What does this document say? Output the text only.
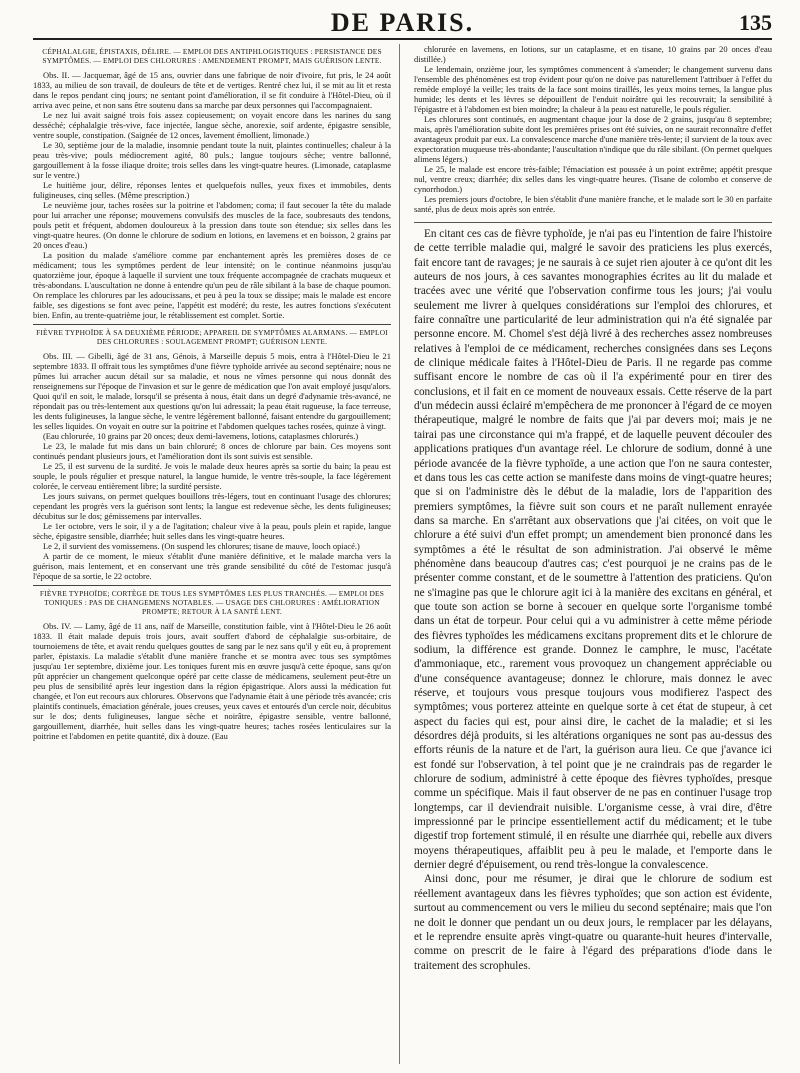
DE PARIS.	135
CÉPHALALGIE, ÉPISTAXIS, DÉLIRE. — EMPLOI DES ANTIPHLOGISTIQUES : PERSISTANCE DES SYMPTÔMES. — EMPLOI DES CHLORURES : AMENDEMENT PROMPT, MAIS GUÉRISON LENTE.

Obs. II. — Jacquemar, âgé de 15 ans, ouvrier dans une fabrique de noir d'ivoire, fut pris, le 24 août 1833, au milieu de son travail, de douleurs de tête et de vertiges. Rentré chez lui, il se mit au lit et resta dans le repos pendant cinq jours; ne sentant point d'amélioration, il se fit conduire à l'Hôtel-Dieu, où il arriva avec peine, et non sans être soutenu dans sa marche par deux personnes qui l'accompagnaient.

Le nez lui avait saigné trois fois assez copieusement; on voyait encore dans les narines du sang desséché; céphalalgie très-vive, face injectée, langue sèche, anorexie, soif ardente, épigastre sensible, ventre souple, constipation. (Saignée de 12 onces, lavement émollient, limonade.)

Le 30, septième jour de la maladie, insomnie pendant toute la nuit, plaintes continuelles; chaleur à la peau très-vive; pouls médiocrement agité, 80 puls.; langue toujours sèche; ventre ballonné, gargouillement à la fosse iliaque droite; trois selles dans les vingt-quatre heures. (Limonade, cataplasme sur le ventre.)

Le huitième jour, délire, réponses lentes et quelquefois nulles, yeux fixes et immobiles, dents fuligineuses, cinq selles. (Même prescription.)

Le neuvième jour, taches rosées sur la poitrine et l'abdomen; coma; il faut secouer la tête du malade pour lui arracher une réponse; mouvemens convulsifs des muscles de la face, soubresauts des tendons, pouls petit et fréquent, abdomen douloureux à la pression dans toute son étendue; six selles dans les vingt-quatre heures. (On donne le chlorure de sodium en lotions, en lavemens et en boisson, 2 grains par 20 onces d'eau.)

La position du malade s'améliore comme par enchantement après les premières doses de ce médicament; tous les symptômes perdent de leur intensité; on le continue néanmoins jusqu'au quatorzième jour, époque à laquelle il survient une toux fréquente accompagnée de crachats muqueux et très-abondans. L'auscultation ne donne à entendre qu'un peu de râle sibilant à la base de chaque poumon. On remplace les chlorures par les adoucissans, et peu à peu la toux se dissipe; mais le malade est encore faible, ses digestions se font avec peine, l'appétit est modéré; du reste, les autres fonctions s'exécutent bien. Enfin, au trente-quatrième jour, le rétablissement est complet. Sortie.

FIÈVRE TYPHOÏDE À SA DEUXIÈME PÉRIODE; APPAREIL DE SYMPTÔMES ALARMANS. — EMPLOI DES CHLORURES : SOULAGEMENT PROMPT; GUÉRISON LENTE.

Obs. III. — Gibelli, âgé de 31 ans, Génois, à Marseille depuis 5 mois, entra à l'Hôtel-Dieu le 21 septembre 1833. Il offrait tous les symptômes d'une fièvre typhoïde arrivée au second septénaire; nous ne pûmes lui arracher aucun détail sur sa maladie, et nous ne vîmes personne qui nous donnât des renseignemens sur l'époque de l'invasion et sur le genre de médication que l'on avait employé jusqu'alors. Quoi qu'il en soit, le malade, lorsqu'il se présenta à nous, était dans un degré d'adynamie très-avancé, ne répondait pas ou très-lentement aux questions qu'on lui adressait; la peau était rugueuse, la face terreuse, les dents fuligineuses, la langue sèche, le ventre légèrement ballonné, faisant entendre du gargouillement; les selles liquides. On voyait en outre sur la poitrine et l'abdomen quelques taches rosées, quinze à vingt.

(Eau chlorurée, 10 grains par 20 onces; deux demi-lavemens, lotions, cataplasmes chlorurés.)

Le 23, le malade fut mis dans un bain chloruré; 8 onces de chlorure par bain. Ces moyens sont continués pendant plusieurs jours, et l'amélioration dont ils sont suivis est sensible.

Le 25, il est survenu de la surdité. Je vois le malade deux heures après sa sortie du bain; la peau est souple, le pouls régulier et presque naturel, la langue humide, le ventre très-souple, la face légèrement colorée, le cerveau entièrement libre; la surdité persiste.

Les jours suivans, on permet quelques bouillons très-légers, tout en continuant l'usage des chlorures; cependant les progrès vers la guérison sont lents; la langue est redevenue sèche, les dents fuligineuses; décubitus sur le dos; gémissemens par intervalles.

Le 1er octobre, vers le soir, il y a de l'agitation; chaleur vive à la peau, pouls plein et rapide, langue sèche, épigastre sensible, diarrhée; huit selles dans les vingt-quatre heures.

Le 2, il survient des vomissemens. (On suspend les chlorures; tisane de mauve, looch opiacé.)

A partir de ce moment, le mieux s'établit d'une manière définitive, et le malade marcha vers la guérison, mais lentement, et en conservant une très grande sensibilité du côté de l'estomac jusqu'à l'époque de sa sortie, le 22 octobre.

FIÈVRE TYPHOÏDE; CORTÈGE DE TOUS LES SYMPTÔMES LES PLUS TRANCHÉS. — EMPLOI DES TONIQUES : PAS DE CHANGEMENS NOTABLES. — USAGE DES CHLORURES : AMÉLIORATION PROMPTE; RETOUR À LA SANTÉ LENT.

Obs. IV. — Lamy, âgé de 11 ans, naïf de Marseille, constitution faible, vint à l'Hôtel-Dieu le 26 août 1833. Il était malade depuis trois jours, avait souffert d'abord de céphalalgie sus-orbitaire, de tournoiemens de tête, et avait rendu quelques gouttes de sang par le nez sans qu'il y eût eu, à proprement parler, épistaxis. La maladie s'établit d'une manière franche et se montra avec tous ses symptômes jusqu'au 1er septembre, dixième jour. Les toniques furent mis en œuvre jusqu'à cette époque, sans qu'on pût apprécier un changement quelconque opéré par cette classe de médicamens, seulement peut-être un peu plus de sensibilité après leur ingestion dans la région épigastrique. Alors aussi la médication fut changée, et l'on eut recours aux chlorures. Observons que l'adynamie était à une période très avancée; cris plaintifs continuels, émaciation générale, joues creuses, yeux caves et entourés d'un cercle noir, décubitus sur le dos; dents fuligineuses, langue sèche et noirâtre, épigastre sensible, ventre ballonné, gargouillement, diarrhée, huit selles dans les vingt-quatre heures; taches rosées lenticulaires sur la poitrine et l'abdomen en petite quantité, dix à douze. (Eau

chlorurée en lavemens, en lotions, sur un cataplasme, et en tisane, 10 grains par 20 onces d'eau distillée.)

Le lendemain, onzième jour, les symptômes commencent à s'amender; le changement survenu dans l'ensemble des phénomènes est trop évident pour qu'on ne doive pas naturellement l'attribuer à l'effet du remède employé la veille; les traits de la face sont moins tiraillés, les yeux moins ternes, la langue plus humide; les dents et les lèvres se dépouillent de l'enduit noirâtre qui les recouvrait; la sensibilité à l'épigastre et à l'abdomen est bien moindre; la chaleur à la peau est naturelle, le pouls régulier.

Les chlorures sont continués, en augmentant chaque jour la dose de 2 grains, jusqu'au 8 septembre; mais, après l'amélioration subite dont les premières prises ont été suivies, on ne saurait reconnaître d'effet avantageux produit par eux. La convalescence marche d'une manière très-lente; il survient de la toux avec expectoration muqueuse très-abondante; l'auscultation n'indique que du râle sibilant. (On permet quelques alimens légers.)

Le 25, le malade est encore très-faible; l'émaciation est poussée à un point extrême; appétit presque nul, ventre creux; diarrhée; dix selles dans les vingt-quatre heures. (Tisane de colombo et conserve de cynorrhodon.)

Les premiers jours d'octobre, le bien s'établit d'une manière franche, et le malade sort le 30 en parfaite santé, plus de deux mois après son entrée.

En citant ces cas de fièvre typhoïde, je n'ai pas eu l'intention de faire l'histoire de cette terrible maladie qui, malgré le savoir des praticiens les plus exercés, fait encore tant de ravages; je ne saurais à ce sujet rien ajouter à ce qu'ont dit les auteurs de nos jours, à ces savantes monographies écrites au lit du malade et tracées avec une vérité que l'observation confirme tous les jours; j'ai voulu seulement me livrer à quelques considérations sur l'emploi des chlorures, et faire connaître une particularité de leur administration qui n'a été signalée par personne encore. M. Chomel s'est déjà livré à des recherches assez nombreuses relatives à l'emploi de ce médicament, recherches consignées dans ses Leçons de clinique médicale faites à l'Hôtel-Dieu de Paris. Il ne regarde pas comme suffisant encore le nombre de cas où il l'a expérimenté pour en tirer des conclusions, et il fait en ce moment de nouveaux essais. Cette réserve de la part d'un médecin aussi éclairé m'empêchera de me prononcer à l'égard de ce moyen thérapeutique, malgré le nombre de faits que j'ai par devers moi; mais je ne tairai pas une circonstance qui m'a frappé, et de laquelle peuvent découler des applications pratiques d'un avantage réel. Le chlorure de sodium, donné à une période avancée de la fièvre typhoïde, a une action que l'on ne saura contester, et dans tous les cas cette action se manifeste dans moins de vingt-quatre heures; que si on l'administre dès le début de la maladie, lors de l'apparition des premiers symptômes, la fièvre suit son cours et ne paraît nullement enrayée dans sa marche. En s'arrêtant aux observations que j'ai citées, on voit que le chlorure a été suivi d'un effet prompt; un amendement bien prononcé dans les symptômes a été le résultat de son administration. J'ai observé le même phénomène dans beaucoup d'autres cas; c'est pourquoi je ne crains pas de le présenter comme constant, et de le soumettre à l'attention des praticiens. Qu'on ne s'imagine pas que le chlorure agit ici à la manière des excitans en général, et que toute son action se borne à secouer en quelque sorte l'organisme tombé dans un état de torpeur. Pour celui qui a vu administrer à cette même période des fièvres typhoïdes les médicamens excitans proprement dits et le chlorure de sodium, la différence est grande. Donnez le camphre, le musc, l'acétate d'ammoniaque, etc., rarement vous provoquez un changement appréciable ou d'une conséquence avantageuse; donnez le chlorure, mais donnez le avec réserve, et toujours vous presque toujours vous modifierez l'aspect des symptômes; vous porterez atteinte en quelque sorte à cet état de stupeur, à cet aspect du facies qui est, pour ainsi dire, le cachet de la maladie; et si les désordres déjà produits, si les altérations organiques ne sont pas au-dessus des efforts réunis de la nature et de l'art, la guérison aura lieu. Ce que j'avance ici est fondé sur l'observation, à tel point que je ne craindrais pas de regarder le chlorure de sodium, administré à cette époque des fièvres typhoïdes, presque comme un spécifique. Mais il faut observer de ne pas en continuer l'usage trop longtemps, car il deviendrait nuisible. L'organisme cesse, à vrai dire, d'être impressionné par le principe essentiellement actif du médicament; et le tube digestif trop fortement stimulé, il en résulte une diarrhée qui, rebelle aux divers moyens thérapeutiques, affaiblit peu à peu le malade, et l'emporte dans le dernier degré d'épuisement, ou rend très-longue la convalescence.

Ainsi donc, pour me résumer, je dirai que le chlorure de sodium est réellement avantageux dans les fièvres typhoïdes; que son action est évidente, surtout au commencement ou vers le milieu du second septénaire; mais que l'on ne doit le donner que pendant un ou deux jours, le remplacer par les délayans, et le reprendre ensuite après vingt-quatre ou quarante-huit heures d'intervalle, comme on prescrit de le faire à l'égard des préparations d'iode dans le traitement des scrophules.
